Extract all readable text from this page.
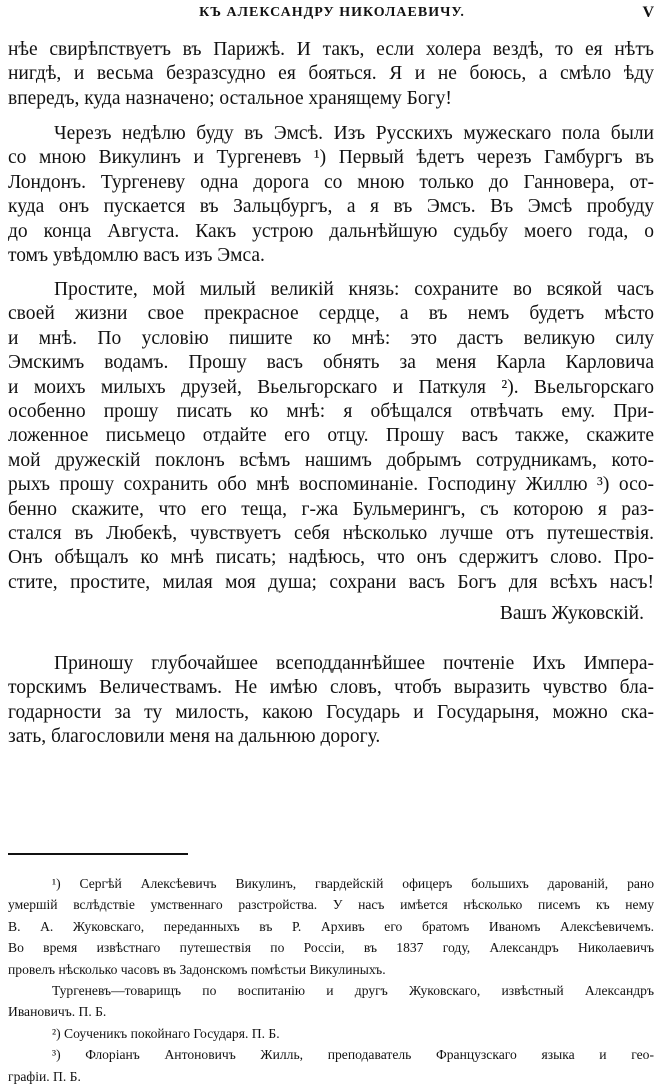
КЪ АЛЕКСАНДРУ НИКОЛАЕВИЧУ.	V
нѣе свирѣпствуетъ въ Парижѣ. И такъ, если холера вездѣ, то ея нѣтъ
нигдѣ, и весьма безразсудно ея бояться. Я и не боюсь, а смѣло ѣду
впередъ, куда назначено; остальное хранящему Богу!
Черезъ недѣлю буду въ Эмсѣ. Изъ Русскихъ мужескаго пола были
со мною Викулинъ и Тургеневъ ¹) Первый ѣдетъ черезъ Гамбургъ въ
Лондонъ. Тургеневу одна дорога со мною только до Ганновера, от-
куда онъ пускается въ Зальцбургъ, а я въ Эмсъ. Въ Эмсѣ пробуду
до конца Августа. Какъ устрою дальнѣйшую судьбу моего года, о
томъ увѣдомлю васъ изъ Эмса.
Простите, мой милый великій князь: сохраните во всякой часъ
своей жизни свое прекрасное сердце, а въ немъ будетъ мѣсто
и мнѣ. По условію пишите ко мнѣ: это дастъ великую силу
Эмскимъ водамъ. Прошу васъ обнять за меня Карла Карловича
и моихъ милыхъ друзей, Вьельгорскаго и Паткуля ²). Вьельгорскаго
особенно прошу писать ко мнѣ: я обѣщался отвѣчать ему. При-
ложенное письмецо отдайте его отцу. Прошу васъ также, скажите
мой дружескій поклонъ всѣмъ нашимъ добрымъ сотрудникамъ, кото-
рыхъ прошу сохранить обо мнѣ воспоминаніе. Господину Жиллю ³) осо-
бенно скажите, что его теща, г-жа Бульмерингъ, съ которою я раз-
стался въ Любекѣ, чувствуетъ себя нѣсколько лучше отъ путешествія.
Онъ обѣщалъ ко мнѣ писать; надѣюсь, что онъ сдержитъ слово. Про-
стите, простите, милая моя душа; сохрани васъ Богъ для всѣхъ насъ!
Вашъ Жуковскій.
Приношу глубочайшее всеподданнѣйшее почтеніе Ихъ Импера-
торскимъ Величествамъ. Не имѣю словъ, чтобъ выразить чувство бла-
годарности за ту милость, какою Государь и Государыня, можно ска-
зать, благословили меня на дальнюю дорогу.
¹) Сергѣй Алексѣевичъ Викулинъ, гвардейскій офицеръ большихъ дарованій, рано
умершій вслѣдствіе умственнаго разстройства. У насъ имѣется нѣсколько писемъ къ нему
В. А. Жуковскаго, переданныхъ въ Р. Архивъ его братомъ Иваномъ Алексѣевичемъ.
Во время извѣстнаго путешествія по Россіи, въ 1837 году, Александръ Николаевичъ
провелъ нѣсколько часовъ въ Задонскомъ помѣстьи Викулиныхъ.
Тургеневъ—товарищъ по воспитанію и другъ Жуковскаго, извѣстный Александръ
Ивановичъ. П. Б.
²) Соученикъ покойнаго Государя. П. Б.
³) Флоріанъ Антоновичъ Жилль, преподаватель Французскаго языка и гео-
графіи. П. Б.
